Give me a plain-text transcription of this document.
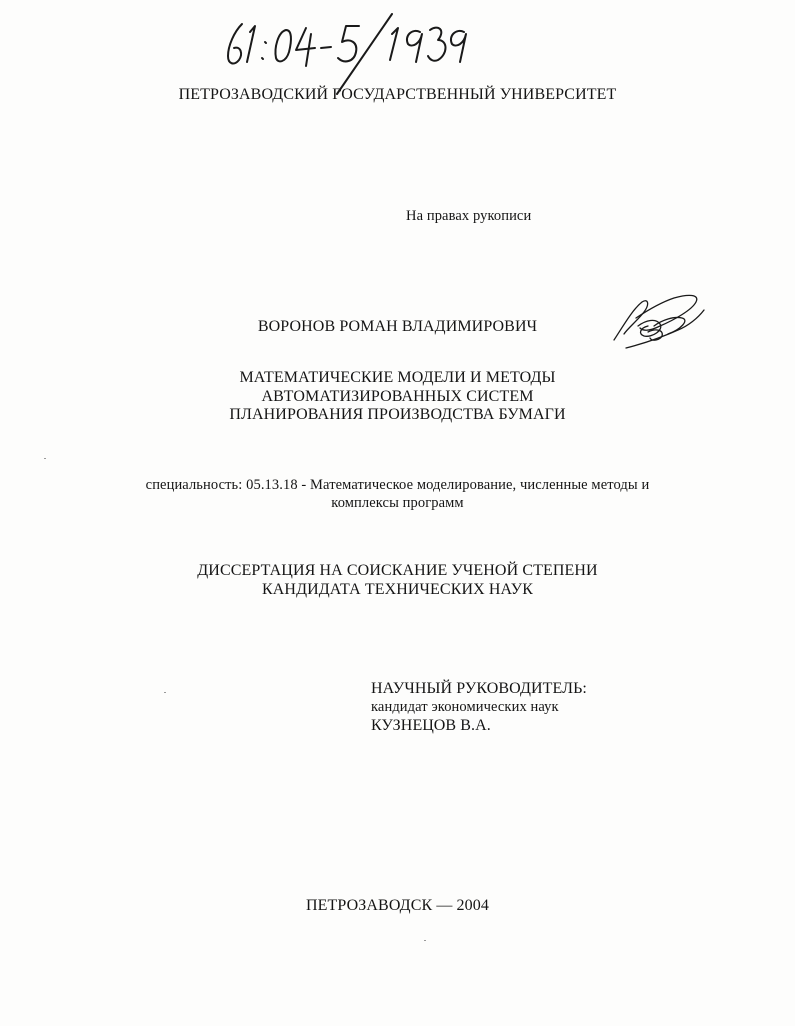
ПЕТРОЗАВОДСКИЙ ГОСУДАРСТВЕННЫЙ УНИВЕРСИТЕТ
На правах рукописи
ВОРОНОВ РОМАН ВЛАДИМИРОВИЧ
МАТЕМАТИЧЕСКИЕ МОДЕЛИ И МЕТОДЫ
АВТОМАТИЗИРОВАННЫХ СИСТЕМ
ПЛАНИРОВАНИЯ ПРОИЗВОДСТВА БУМАГИ
специальность: 05.13.18 - Математическое моделирование, численные методы и
комплексы программ
ДИССЕРТАЦИЯ НА СОИСКАНИЕ УЧЕНОЙ СТЕПЕНИ
КАНДИДАТА ТЕХНИЧЕСКИХ НАУК
НАУЧНЫЙ РУКОВОДИТЕЛЬ:
кандидат экономических наук
КУЗНЕЦОВ В.А.
ПЕТРОЗАВОДСК — 2004
